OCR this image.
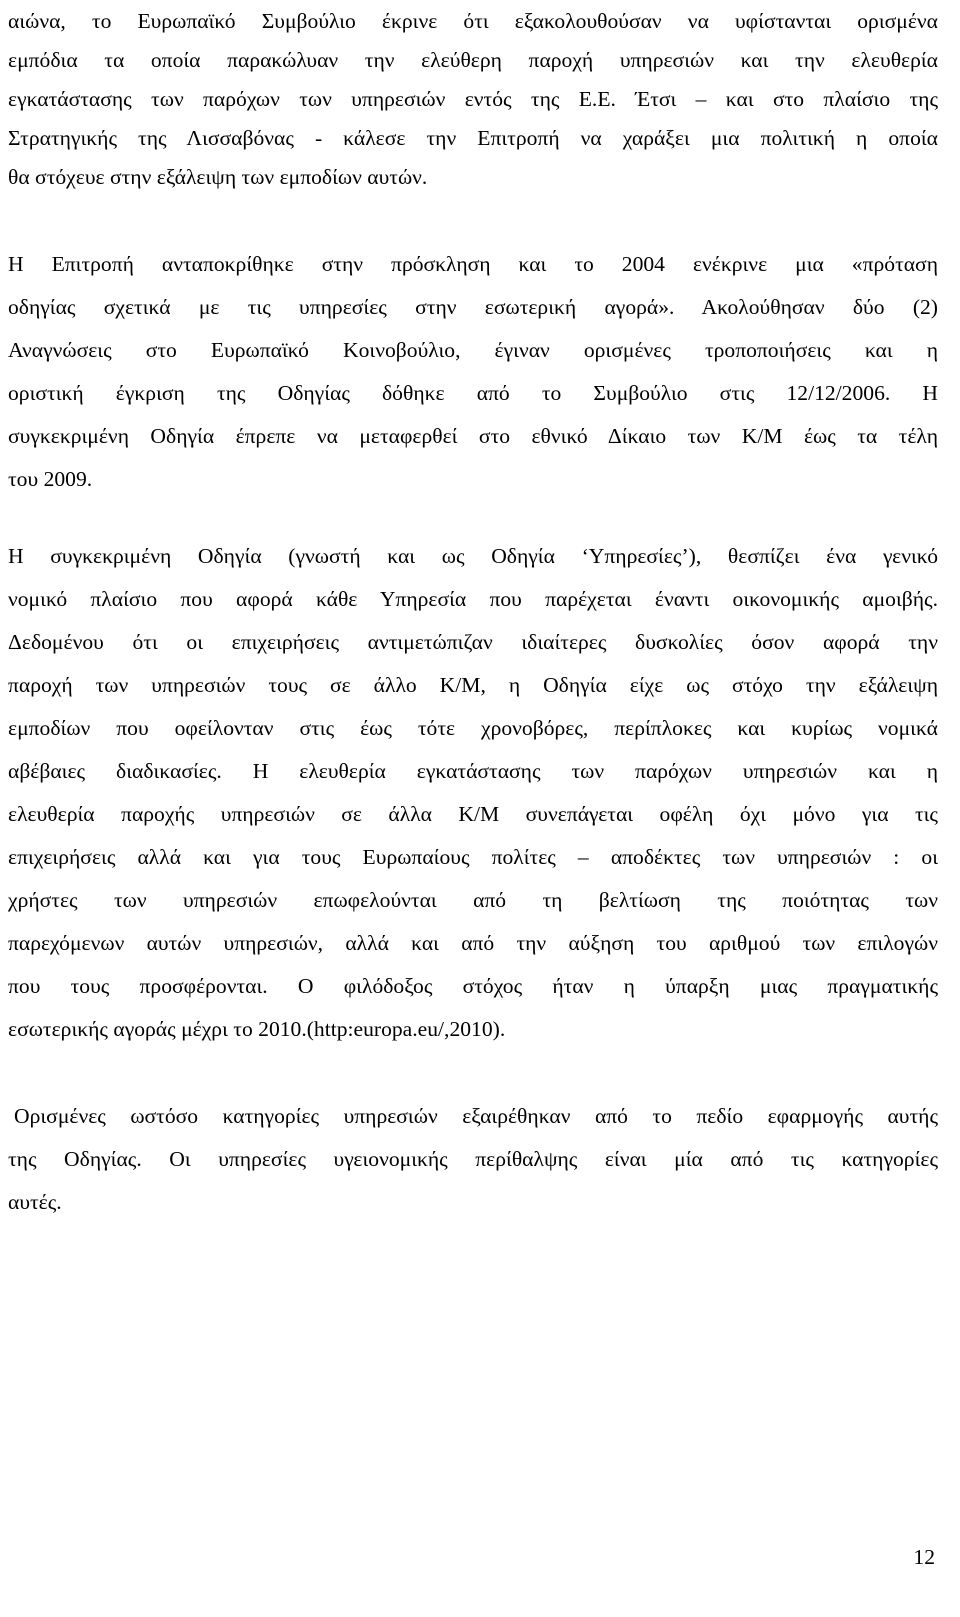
αιώνα, το Ευρωπαϊκό Συμβούλιο έκρινε ότι εξακολουθούσαν να υφίστανται ορισμένα
εμπόδια τα οποία παρακώλυαν την ελεύθερη παροχή υπηρεσιών και την ελευθερία
εγκατάστασης των παρόχων των υπηρεσιών εντός της Ε.Ε. Έτσι – και στο πλαίσιο της
Στρατηγικής της Λισσαβόνας - κάλεσε την Επιτροπή να χαράξει μια πολιτική η οποία
θα στόχευε στην εξάλειψη των εμποδίων αυτών.
Η Επιτροπή ανταποκρίθηκε στην πρόσκληση και το 2004 ενέκρινε μια «πρόταση
οδηγίας σχετικά με τις υπηρεσίες στην εσωτερική αγορά». Ακολούθησαν δύο (2)
Αναγνώσεις στο Ευρωπαϊκό Κοινοβούλιο, έγιναν ορισμένες τροποποιήσεις και η
οριστική έγκριση της Οδηγίας δόθηκε από το Συμβούλιο στις 12/12/2006. Η
συγκεκριμένη Οδηγία έπρεπε να μεταφερθεί στο εθνικό Δίκαιο των Κ/Μ έως τα τέλη
του 2009.
Η συγκεκριμένη Οδηγία (γνωστή και ως Οδηγία ‘Υπηρεσίες’), θεσπίζει ένα γενικό
νομικό πλαίσιο που αφορά κάθε Υπηρεσία που παρέχεται έναντι οικονομικής αμοιβής.
Δεδομένου ότι οι επιχειρήσεις αντιμετώπιζαν ιδιαίτερες δυσκολίες όσον αφορά την
παροχή των υπηρεσιών τους σε άλλο Κ/Μ, η Οδηγία είχε ως στόχο την εξάλειψη
εμποδίων που οφείλονταν στις έως τότε χρονοβόρες, περίπλοκες και κυρίως νομικά
αβέβαιες διαδικασίες. Η ελευθερία εγκατάστασης των παρόχων υπηρεσιών και η
ελευθερία παροχής υπηρεσιών σε άλλα Κ/Μ συνεπάγεται οφέλη όχι μόνο για τις
επιχειρήσεις αλλά και για τους Ευρωπαίους πολίτες – αποδέκτες των υπηρεσιών : οι
χρήστες των υπηρεσιών επωφελούνται από τη βελτίωση της ποιότητας των
παρεχόμενων αυτών υπηρεσιών, αλλά και από την αύξηση του αριθμού των επιλογών
που τους προσφέρονται. Ο φιλόδοξος στόχος ήταν η ύπαρξη μιας πραγματικής
εσωτερικής αγοράς μέχρι το 2010.(http:europa.eu/,2010).
Ορισμένες ωστόσο κατηγορίες υπηρεσιών εξαιρέθηκαν από το πεδίο εφαρμογής αυτής
της Οδηγίας. Οι υπηρεσίες υγειονομικής περίθαλψης είναι μία από τις κατηγορίες
αυτές.
12
